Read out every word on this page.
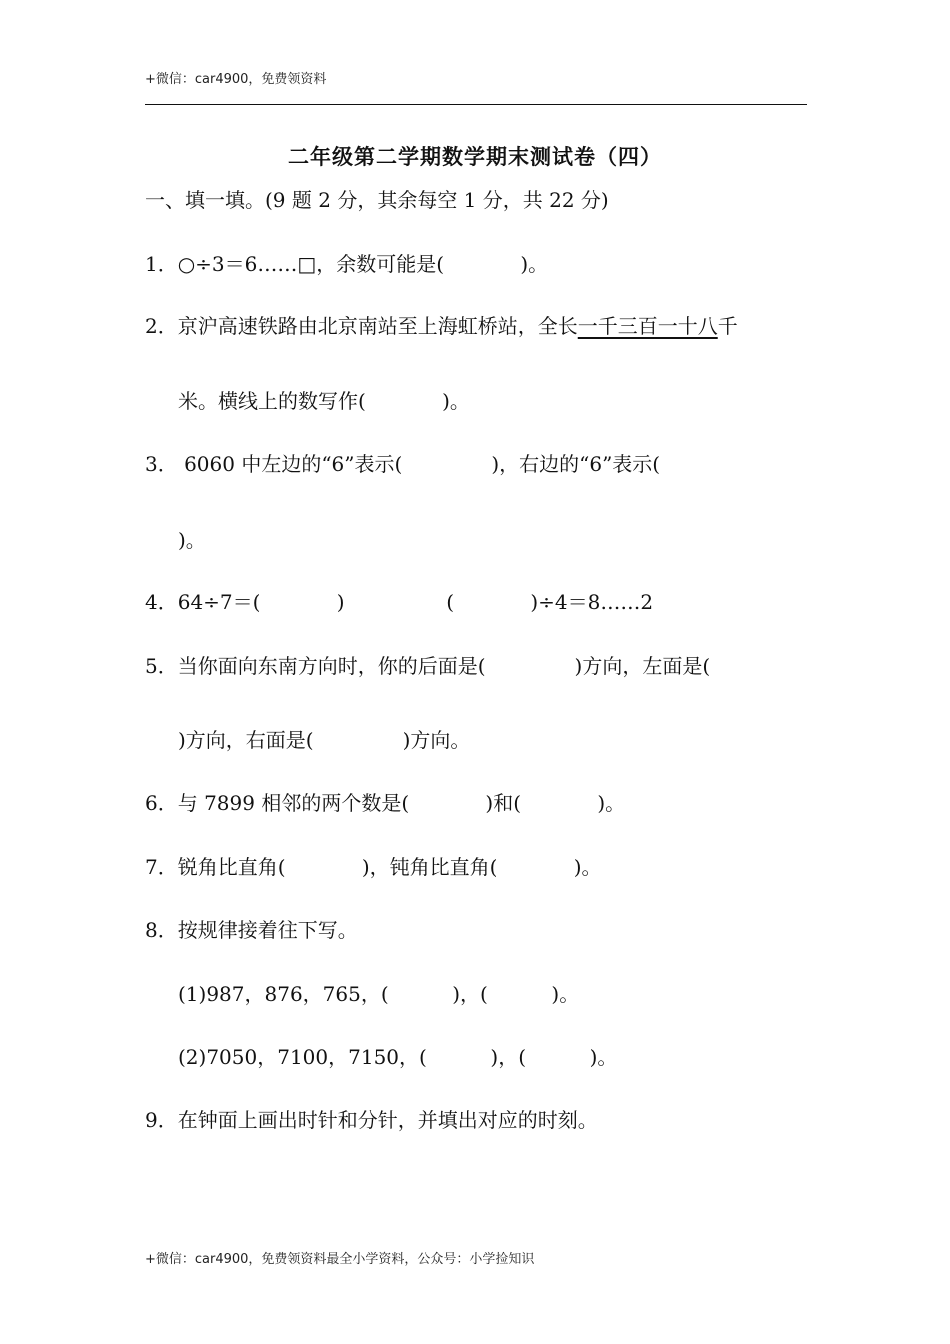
+微信：car4900，免费领资料
二年级第二学期数学期末测试卷（四）
一、填一填。(9 题 2 分，其余每空 1 分，共 22 分)
1．○÷3＝6……□，余数可能是(            )。
2．京沪高速铁路由北京南站至上海虹桥站，全长一千三百一十八千
米。横线上的数写作(            )。
3． 6060 中左边的“6”表示(              )，右边的“6”表示(
)。
4．64÷7＝(            )                (            )÷4＝8……2
5．当你面向东南方向时，你的后面是(              )方向，左面是(
)方向，右面是(              )方向。
6．与 7899 相邻的两个数是(            )和(            )。
7．锐角比直角(            )，钝角比直角(            )。
8．按规律接着往下写。
(1)987，876，765，(          )，(          )。
(2)7050，7100，7150，(          )，(          )。
9．在钟面上画出时针和分针，并填出对应的时刻。
+微信：car4900，免费领资料最全小学资料，公众号：小学捡知识
